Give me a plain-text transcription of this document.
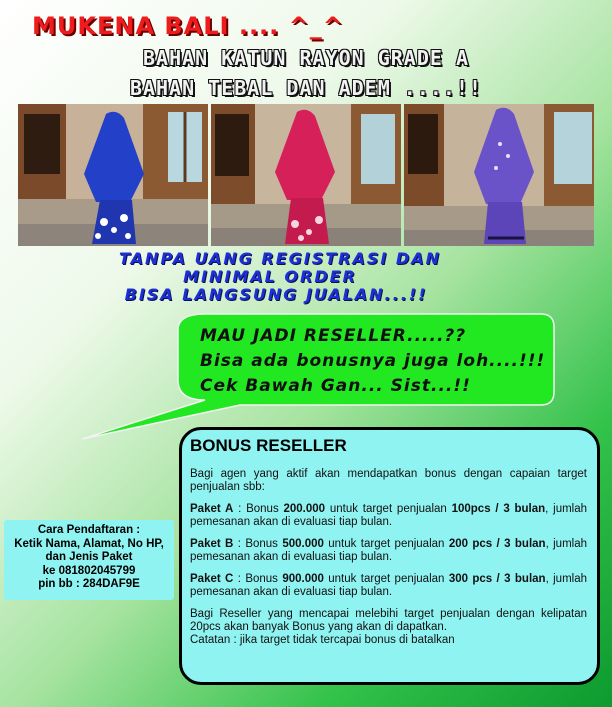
MUKENA BALI .... ^_^
BAHAN KATUN RAYON GRADE A
BAHAN TEBAL DAN ADEM ....!!
TANPA UANG REGISTRASI DAN
MINIMAL ORDER
BISA LANGSUNG JUALAN...!!
MAU JADI RESELLER.....??
Bisa ada bonusnya juga loh....!!!
Cek Bawah Gan... Sist...!!
BONUS RESELLER

Bagi agen yang aktif akan mendapatkan bonus dengan capaian target penjualan sbb:

Paket A : Bonus 200.000 untuk target penjualan 100pcs / 3 bulan, jumlah pemesanan akan di evaluasi tiap bulan.

Paket B : Bonus 500.000 untuk target penjualan 200 pcs / 3 bulan, jumlah pemesanan akan di evaluasi tiap bulan.

Paket C : Bonus 900.000 untuk target penjualan 300 pcs / 3 bulan, jumlah pemesanan akan di evaluasi tiap bulan.

Bagi Reseller yang mencapai melebihi target penjualan dengan kelipatan 20pcs akan banyak Bonus yang akan di dapatkan.

Catatan : jika target tidak tercapai bonus di batalkan

Cara Pendaftaran :
Ketik Nama, Alamat, No HP,
dan Jenis Paket
ke 081802045799
pin bb : 284DAF9E
